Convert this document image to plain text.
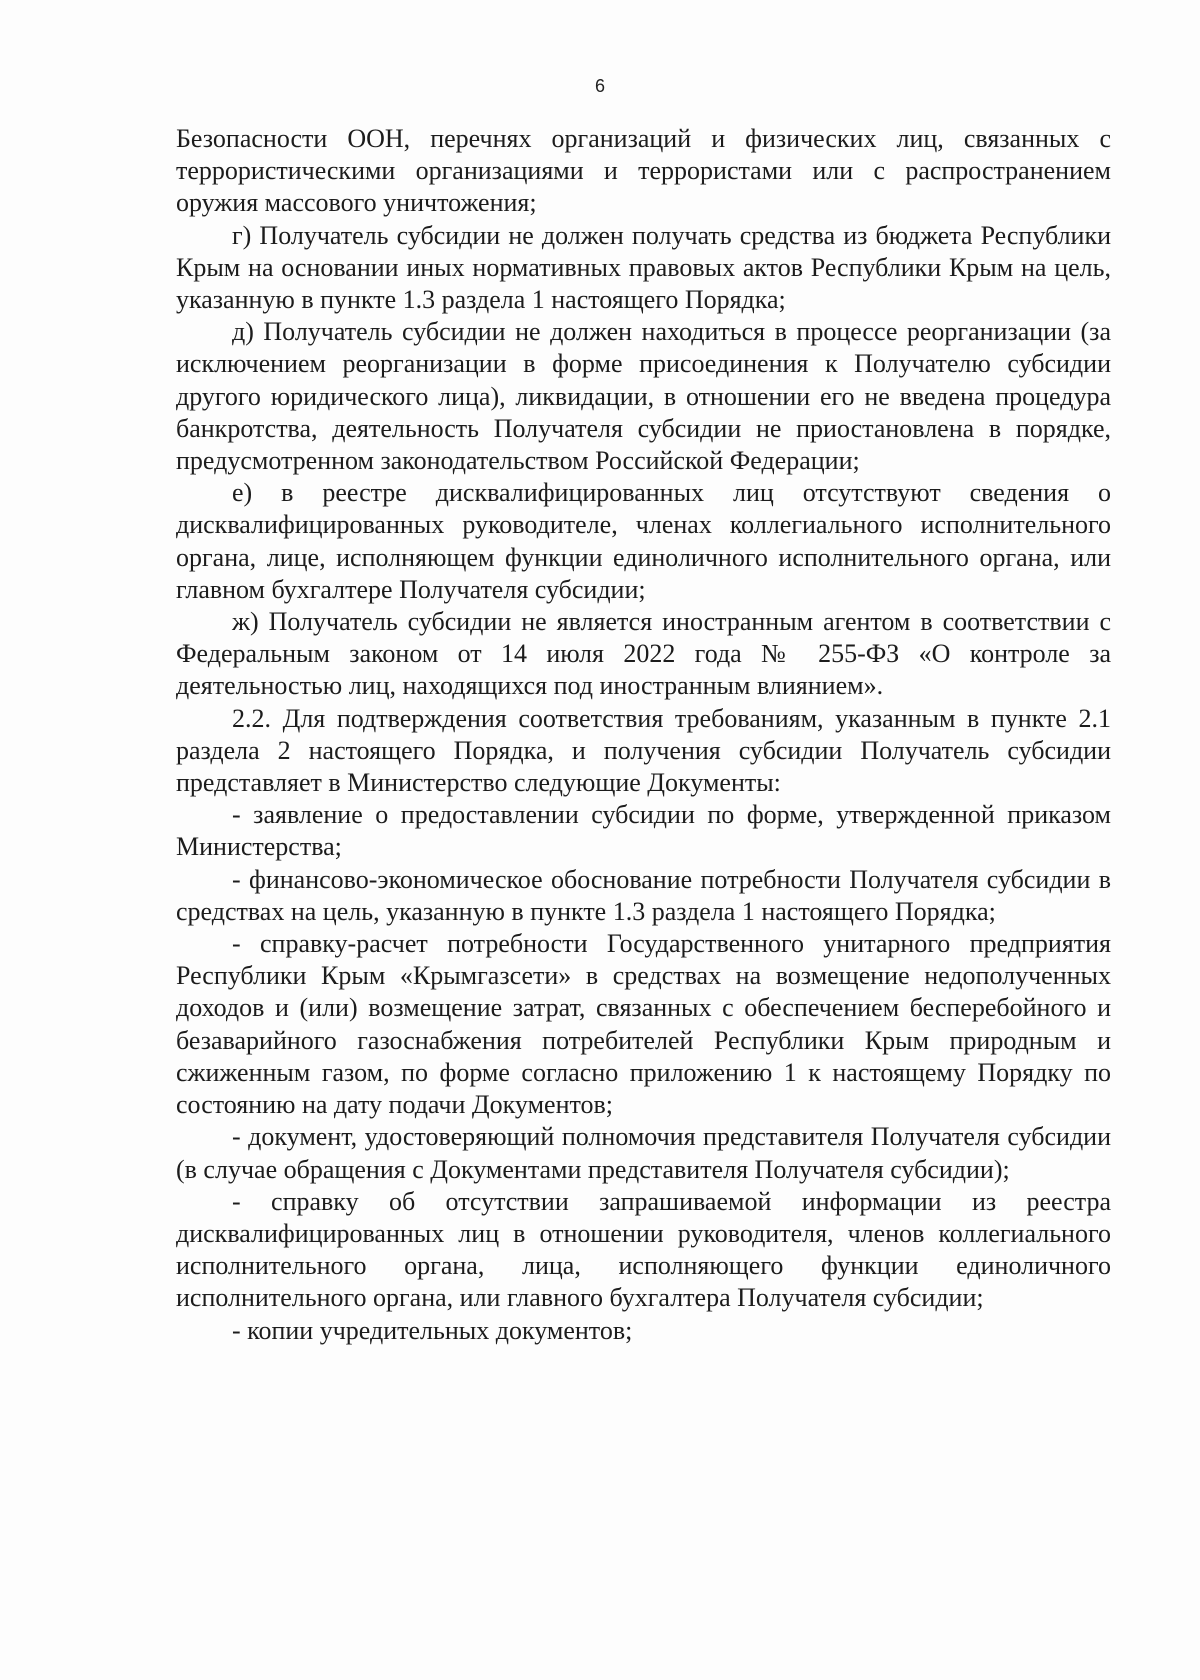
6

Безопасности ООН, перечнях организаций и физических лиц, связанных с террористическими организациями и террористами или с распространением оружия массового уничтожения;

г) Получатель субсидии не должен получать средства из бюджета Республики Крым на основании иных нормативных правовых актов Республики Крым на цель, указанную в пункте 1.3 раздела 1 настоящего Порядка;

д) Получатель субсидии не должен находиться в процессе реорганизации (за исключением реорганизации в форме присоединения к Получателю субсидии другого юридического лица), ликвидации, в отношении его не введена процедура банкротства, деятельность Получателя субсидии не приостановлена в порядке, предусмотренном законодательством Российской Федерации;

е) в реестре дисквалифицированных лиц отсутствуют сведения о дисквалифицированных руководителе, членах коллегиального исполнительного органа, лице, исполняющем функции единоличного исполнительного органа, или главном бухгалтере Получателя субсидии;

ж) Получатель субсидии не является иностранным агентом в соответствии с Федеральным законом от 14 июля 2022 года № 255-ФЗ «О контроле за деятельностью лиц, находящихся под иностранным влиянием».

2.2. Для подтверждения соответствия требованиям, указанным в пункте 2.1 раздела 2 настоящего Порядка, и получения субсидии Получатель субсидии представляет в Министерство следующие Документы:

- заявление о предоставлении субсидии по форме, утвержденной приказом Министерства;

- финансово-экономическое обоснование потребности Получателя субсидии в средствах на цель, указанную в пункте 1.3 раздела 1 настоящего Порядка;

- справку-расчет потребности Государственного унитарного предприятия Республики Крым «Крымгазсети» в средствах на возмещение недополученных доходов и (или) возмещение затрат, связанных с обеспечением бесперебойного и безаварийного газоснабжения потребителей Республики Крым природным и сжиженным газом, по форме согласно приложению 1 к настоящему Порядку по состоянию на дату подачи Документов;

- документ, удостоверяющий полномочия представителя Получателя субсидии (в случае обращения с Документами представителя Получателя субсидии);

- справку об отсутствии запрашиваемой информации из реестра дисквалифицированных лиц в отношении руководителя, членов коллегиального исполнительного органа, лица, исполняющего функции единоличного исполнительного органа, или главного бухгалтера Получателя субсидии;

- копии учредительных документов;
